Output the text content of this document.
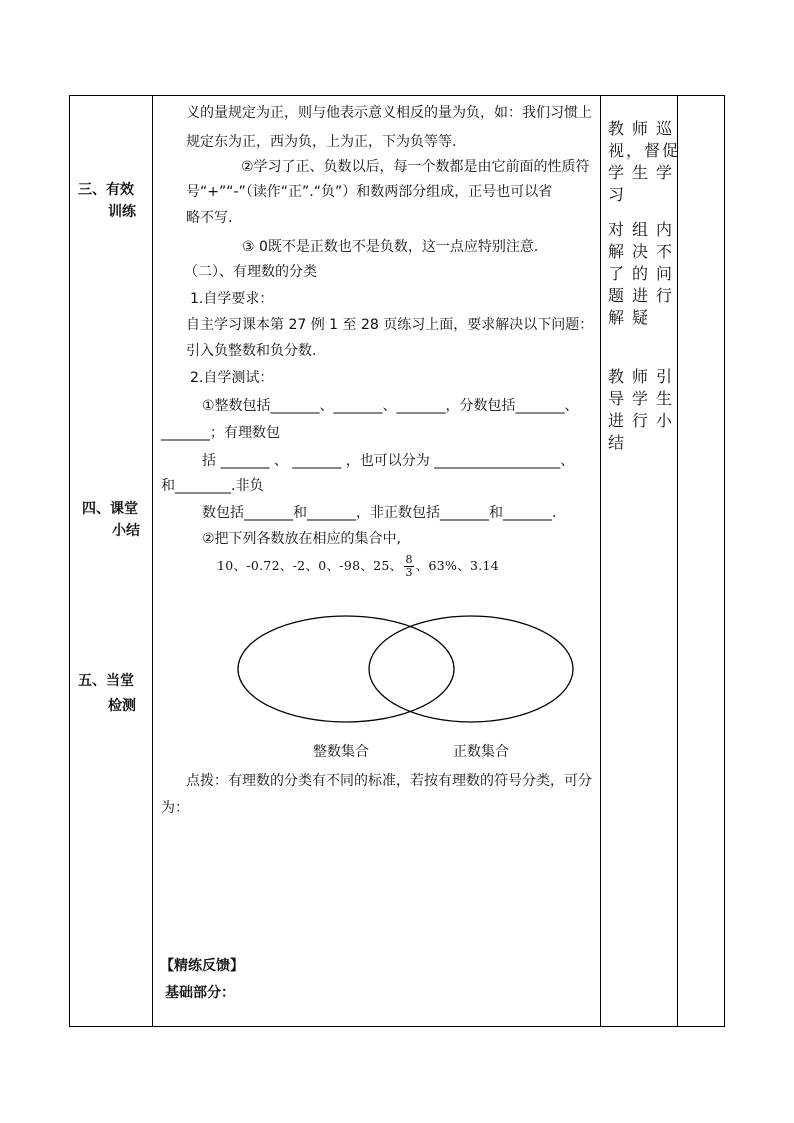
三、有效
训练
四、课堂
小结
五、当堂
检测
义的量规定为正，则与他表示意义相反的量为负，如：我们习惯上
规定东为正，西为负，上为正，下为负等等.
②学习了正、负数以后，每一个数都是由它前面的性质符
号“+”“-”（读作“正”.“负”）和数两部分组成，正号也可以省
略不写.
③ 0既不是正数也不是负数，这一点应特别注意.
（二）、有理数的分类
1.自学要求：
自主学习课本第 27 例 1 至 28 页练习上面，要求解决以下问题：
引入负整数和负分数.
2.自学测试：
①整数包括_______、_______、_______，分数包括_______、
_______；有理数包
括 _______ 、 _______ ，也可以分为 __________________、
和________.非负
数包括_______和_______，非正数包括_______和_______.
②把下列各数放在相应的集合中,
10、-0.72、-2、0、-98、25、 $\frac{8}{3}$ 、63%、3.14
整数集合	正数集合
点拨：有理数的分类有不同的标准，若按有理数的符号分类，可分
为：
【精练反馈】
基础部分：
教师巡
视，督促
学生学
习
对组内
解决不
了的问
题进行
解疑
教师引
导学生
进行小
结
